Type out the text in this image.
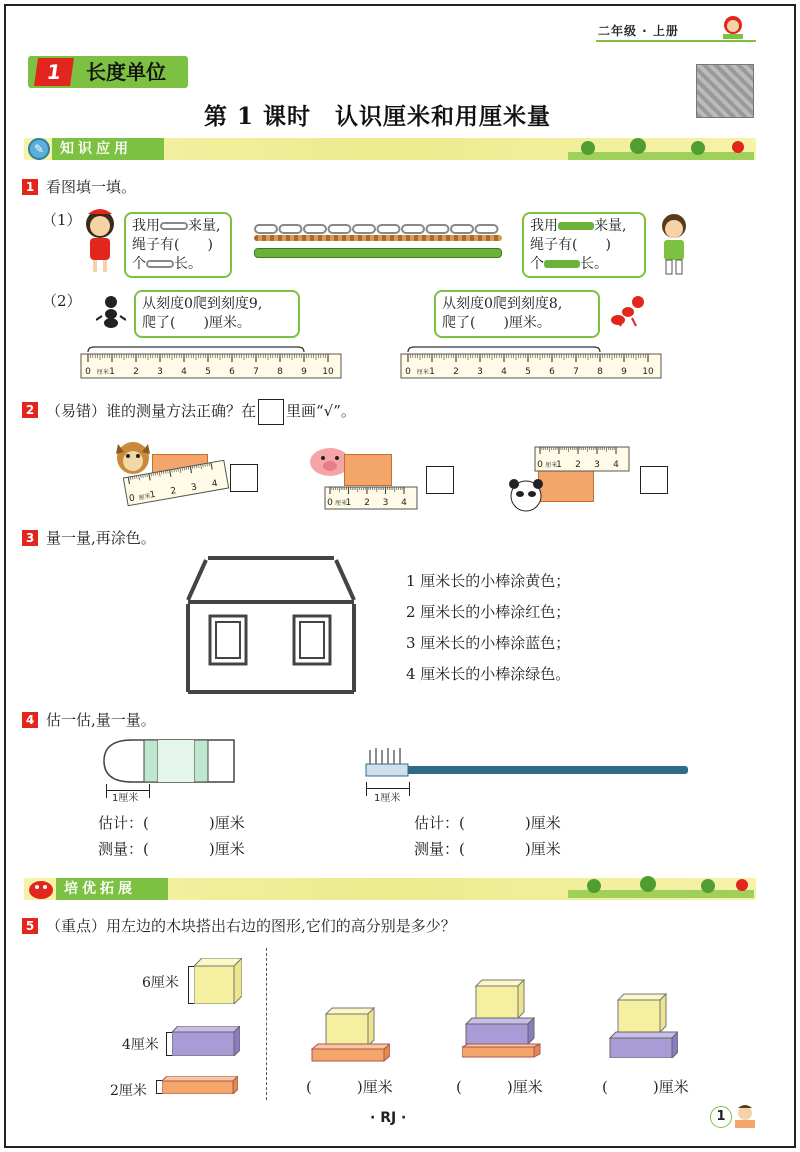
二年级 · 上册
1	长度单位
第 1 课时　认识厘米和用厘米量
✎	知识应用
1 看图填一填。
（1）	我用 来量,
绳子有(　　)
个 长。
我用	来量,
绳子有(　　)
个	长。
（2）	从刻度0爬到刻度9,
爬了(　　)厘米。
从刻度0爬到刻度8,
爬了(　　)厘米。
0 1 2 3 4 5 6 7 8 9 10
厘米	0 1 2 3 4 5 6 7 8 9 10
厘米
2 （易错）谁的测量方法正确？在 里画“√”。
0 1 2 3 4
厘米
0 1 2 3 4
厘米
0 1 2 3 4
厘米
3 量一量,再涂色。
1 厘米长的小棒涂黄色；
2 厘米长的小棒涂红色；
3 厘米长的小棒涂蓝色；
4 厘米长的小棒涂绿色。
4 估一估,量一量。
1厘米	1厘米
估计：(　　　　)厘米
测量：(　　　　)厘米
估计：(　　　　)厘米
测量：(　　　　)厘米
培优拓展
5 （重点）用左边的木块搭出右边的图形,它们的高分别是多少？
6厘米
4厘米
2厘米	(　　　)厘米	(　　　)厘米	(　　　)厘米
· RJ ·	1
